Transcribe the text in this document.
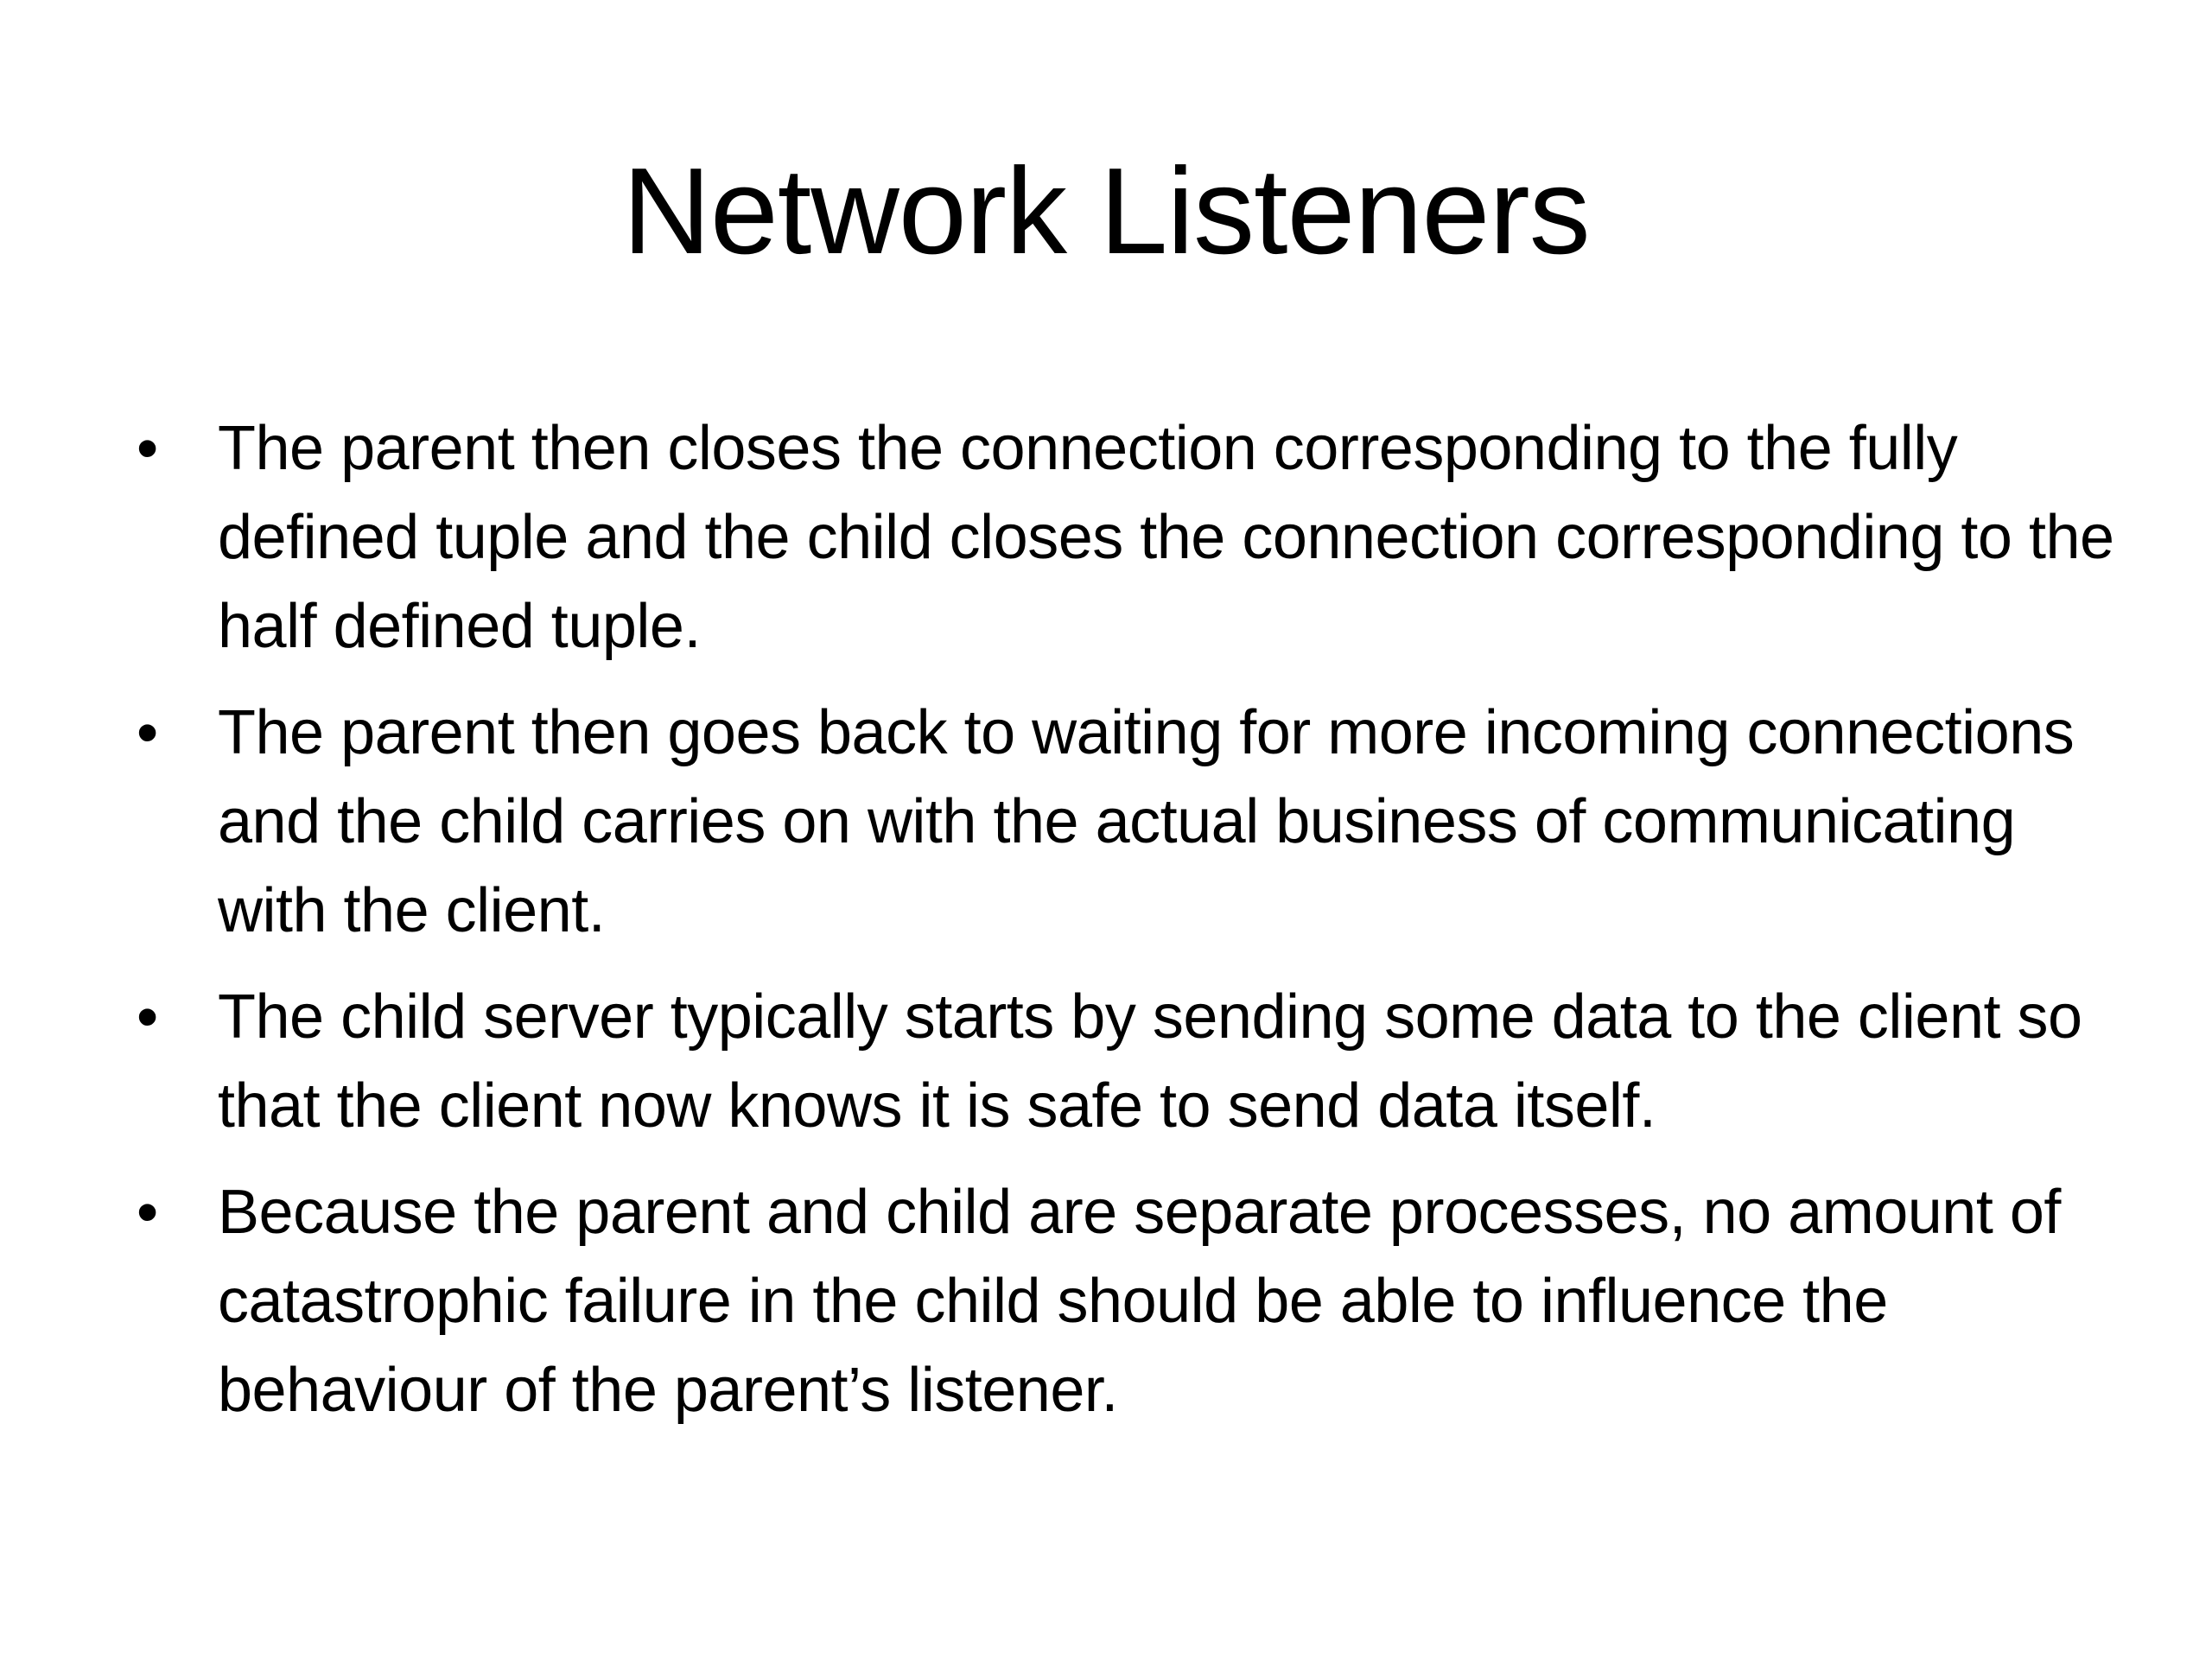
Network Listeners
• The parent then closes the connection corresponding to the fully defined tuple and the child closes the connection corresponding to the half defined tuple.
• The parent then goes back to waiting for more incoming connections and the child carries on with the actual business of communicating with the client.
• The child server typically starts by sending some data to the client so that the client now knows it is safe to send data itself.
• Because the parent and child are separate processes, no amount of catastrophic failure in the child should be able to influence the behaviour of the parent’s listener.
